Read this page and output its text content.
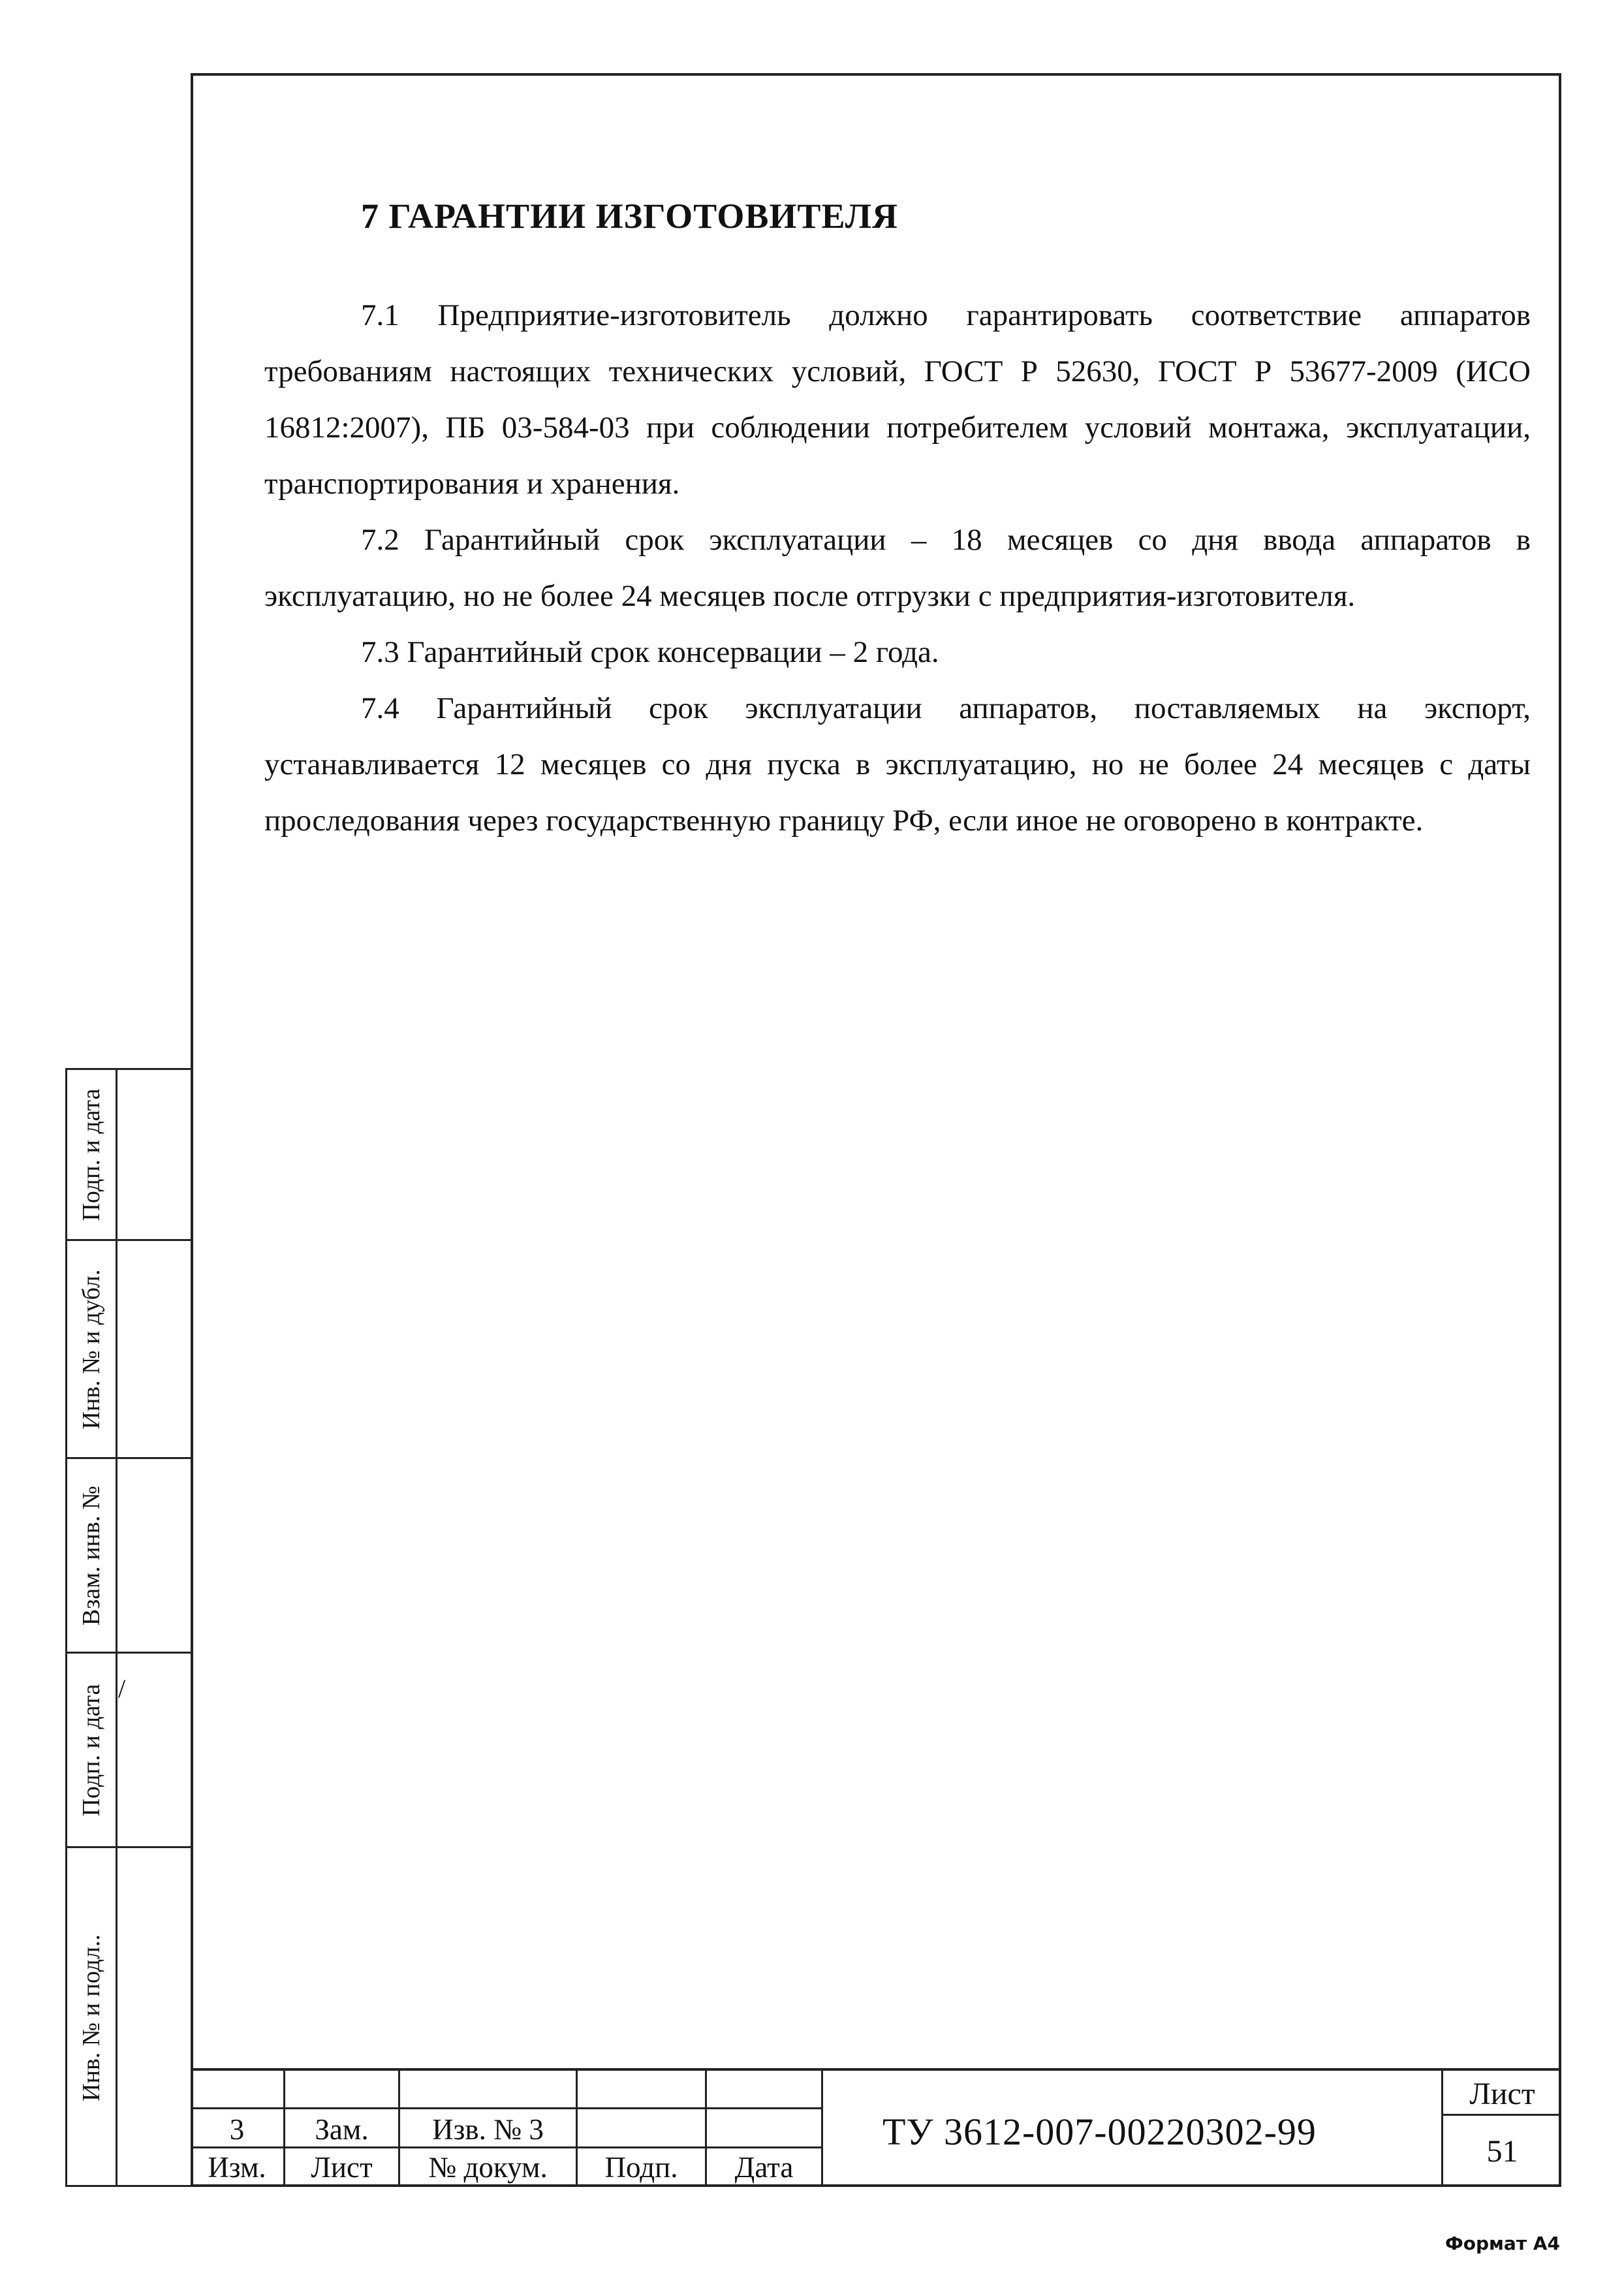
7 ГАРАНТИИ ИЗГОТОВИТЕЛЯ

7.1 Предприятие-изготовитель должно гарантировать соответствие аппаратов требованиям настоящих технических условий, ГОСТ Р 52630, ГОСТ Р 53677-2009 (ИСО 16812:2007), ПБ 03-584-03 при соблюдении потребителем условий монтажа, эксплуатации, транспортирования и хранения.

7.2 Гарантийный срок эксплуатации – 18 месяцев со дня ввода аппаратов в эксплуатацию, но не более 24 месяцев после отгрузки с предприятия-изготовителя.

7.3 Гарантийный срок консервации – 2 года.

7.4 Гарантийный срок эксплуатации аппаратов, поставляемых на экспорт, устанавливается 12 месяцев со дня пуска в эксплуатацию, но не более 24 месяцев с даты проследования через государственную границу РФ, если иное не оговорено в контракте.

Подп. и дата
Инв. № и дубл.
Взам. инв. №
Подп. и дата /
Инв. № и подл..
3	Зам.	Изв. № 3
Изм.	Лист	№ докум.	Подп.	Дата
ТУ 3612-007-00220302-99
Лист
51
Формат А4
